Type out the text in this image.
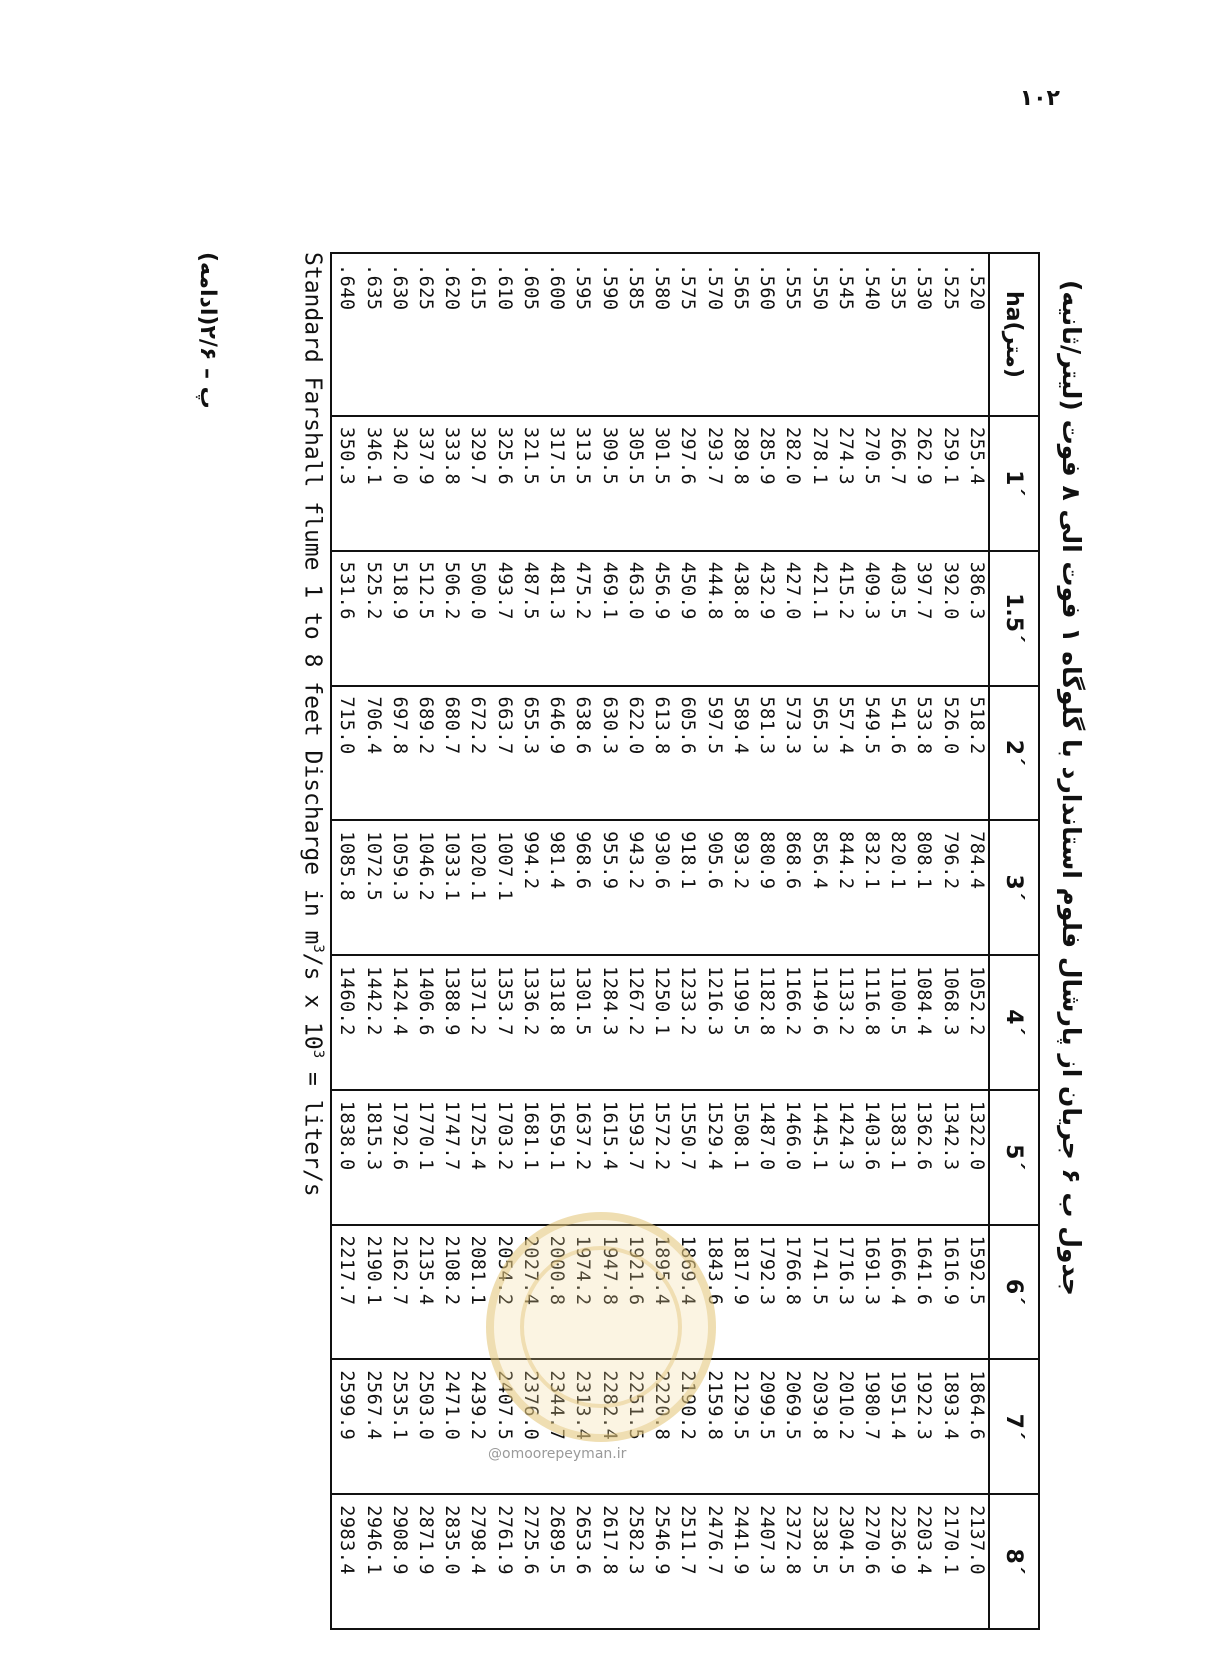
۱۰۲
جدول ب ۶ جریان از پارشال فلوم استاندارد با گلوگاه ۱ فوت الی ۸ فوت (لیتر/ثانیه)
ha(متر)	1´	1.5´	2´	3´	4´	5´	6´	7´	8´
.520	255.4	386.3	518.2	784.4	1052.2	1322.0	1592.5	1864.6	2137.0
.525	259.1	392.0	526.0	796.2	1068.3	1342.3	1616.9	1893.4	2170.1
.530	262.9	397.7	533.8	808.1	1084.4	1362.6	1641.6	1922.3	2203.4
.535	266.7	403.5	541.6	820.1	1100.5	1383.1	1666.4	1951.4	2236.9
.540	270.5	409.3	549.5	832.1	1116.8	1403.6	1691.3	1980.7	2270.6
.545	274.3	415.2	557.4	844.2	1133.2	1424.3	1716.3	2010.2	2304.5
.550	278.1	421.1	565.3	856.4	1149.6	1445.1	1741.5	2039.8	2338.5
.555	282.0	427.0	573.3	868.6	1166.2	1466.0	1766.8	2069.5	2372.8
.560	285.9	432.9	581.3	880.9	1182.8	1487.0	1792.3	2099.5	2407.3
.565	289.8	438.8	589.4	893.2	1199.5	1508.1	1817.9	2129.5	2441.9
.570	293.7	444.8	597.5	905.6	1216.3	1529.4	1843.6	2159.8	2476.7
.575	297.6	450.9	605.6	918.1	1233.2	1550.7	1869.4	2190.2	2511.7
.580	301.5	456.9	613.8	930.6	1250.1	1572.2	1895.4	2220.8	2546.9
.585	305.5	463.0	622.0	943.2	1267.2	1593.7	1921.6	2251.5	2582.3
.590	309.5	469.1	630.3	955.9	1284.3	1615.4	1947.8	2282.4	2617.8
.595	313.5	475.2	638.6	968.6	1301.5	1637.2	1974.2	2313.4	2653.6
.600	317.5	481.3	646.9	981.4	1318.8	1659.1	2000.8	2344.7	2689.5
.605	321.5	487.5	655.3	994.2	1336.2	1681.1	2027.4	2376.0	2725.6
.610	325.6	493.7	663.7	1007.1	1353.7	1703.2	2054.2	2407.5	2761.9
.615	329.7	500.0	672.2	1020.1	1371.2	1725.4	2081.1	2439.2	2798.4
.620	333.8	506.2	680.7	1033.1	1388.9	1747.7	2108.2	2471.0	2835.0
.625	337.9	512.5	689.2	1046.2	1406.6	1770.1	2135.4	2503.0	2871.9
.630	342.0	518.9	697.8	1059.3	1424.4	1792.6	2162.7	2535.1	2908.9
.635	346.1	525.2	706.4	1072.5	1442.2	1815.3	2190.1	2567.4	2946.1
.640	350.3	531.6	715.0	1085.8	1460.2	1838.0	2217.7	2599.9	2983.4
Standard Farshall flume 1 to 8 feet Discharge in $m^3/s$ x $10^3$ = liter/s
پ – ۲/۶(ادامه)
@omoorepeyman.ir
